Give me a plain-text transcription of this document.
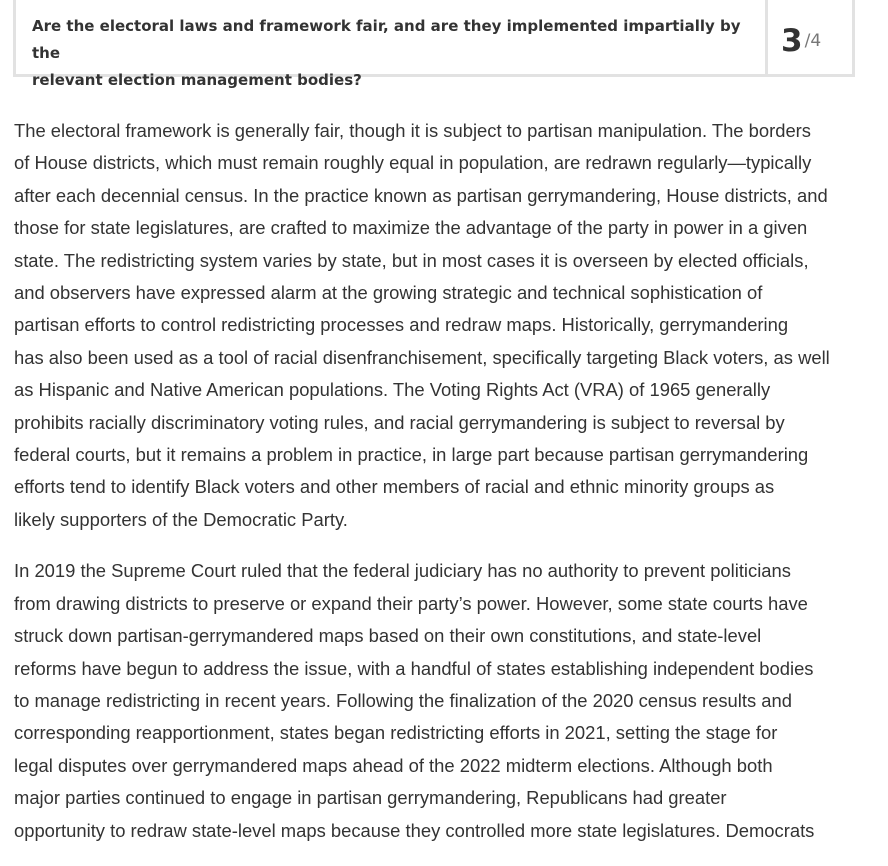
Are the electoral laws and framework fair, and are they implemented impartially by the
relevant election management bodies?
3 / 4

The electoral framework is generally fair, though it is subject to partisan manipulation. The borders
of House districts, which must remain roughly equal in population, are redrawn regularly—typically
after each decennial census. In the practice known as partisan gerrymandering, House districts, and
those for state legislatures, are crafted to maximize the advantage of the party in power in a given
state. The redistricting system varies by state, but in most cases it is overseen by elected officials,
and observers have expressed alarm at the growing strategic and technical sophistication of
partisan efforts to control redistricting processes and redraw maps. Historically, gerrymandering
has also been used as a tool of racial disenfranchisement, specifically targeting Black voters, as well
as Hispanic and Native American populations. The Voting Rights Act (VRA) of 1965 generally
prohibits racially discriminatory voting rules, and racial gerrymandering is subject to reversal by
federal courts, but it remains a problem in practice, in large part because partisan gerrymandering
efforts tend to identify Black voters and other members of racial and ethnic minority groups as
likely supporters of the Democratic Party.

In 2019 the Supreme Court ruled that the federal judiciary has no authority to prevent politicians
from drawing districts to preserve or expand their party’s power. However, some state courts have
struck down partisan-gerrymandered maps based on their own constitutions, and state-level
reforms have begun to address the issue, with a handful of states establishing independent bodies
to manage redistricting in recent years. Following the finalization of the 2020 census results and
corresponding reapportionment, states began redistricting efforts in 2021, setting the stage for
legal disputes over gerrymandered maps ahead of the 2022 midterm elections. Although both
major parties continued to engage in partisan gerrymandering, Republicans had greater
opportunity to redraw state-level maps because they controlled more state legislatures. Democrats
